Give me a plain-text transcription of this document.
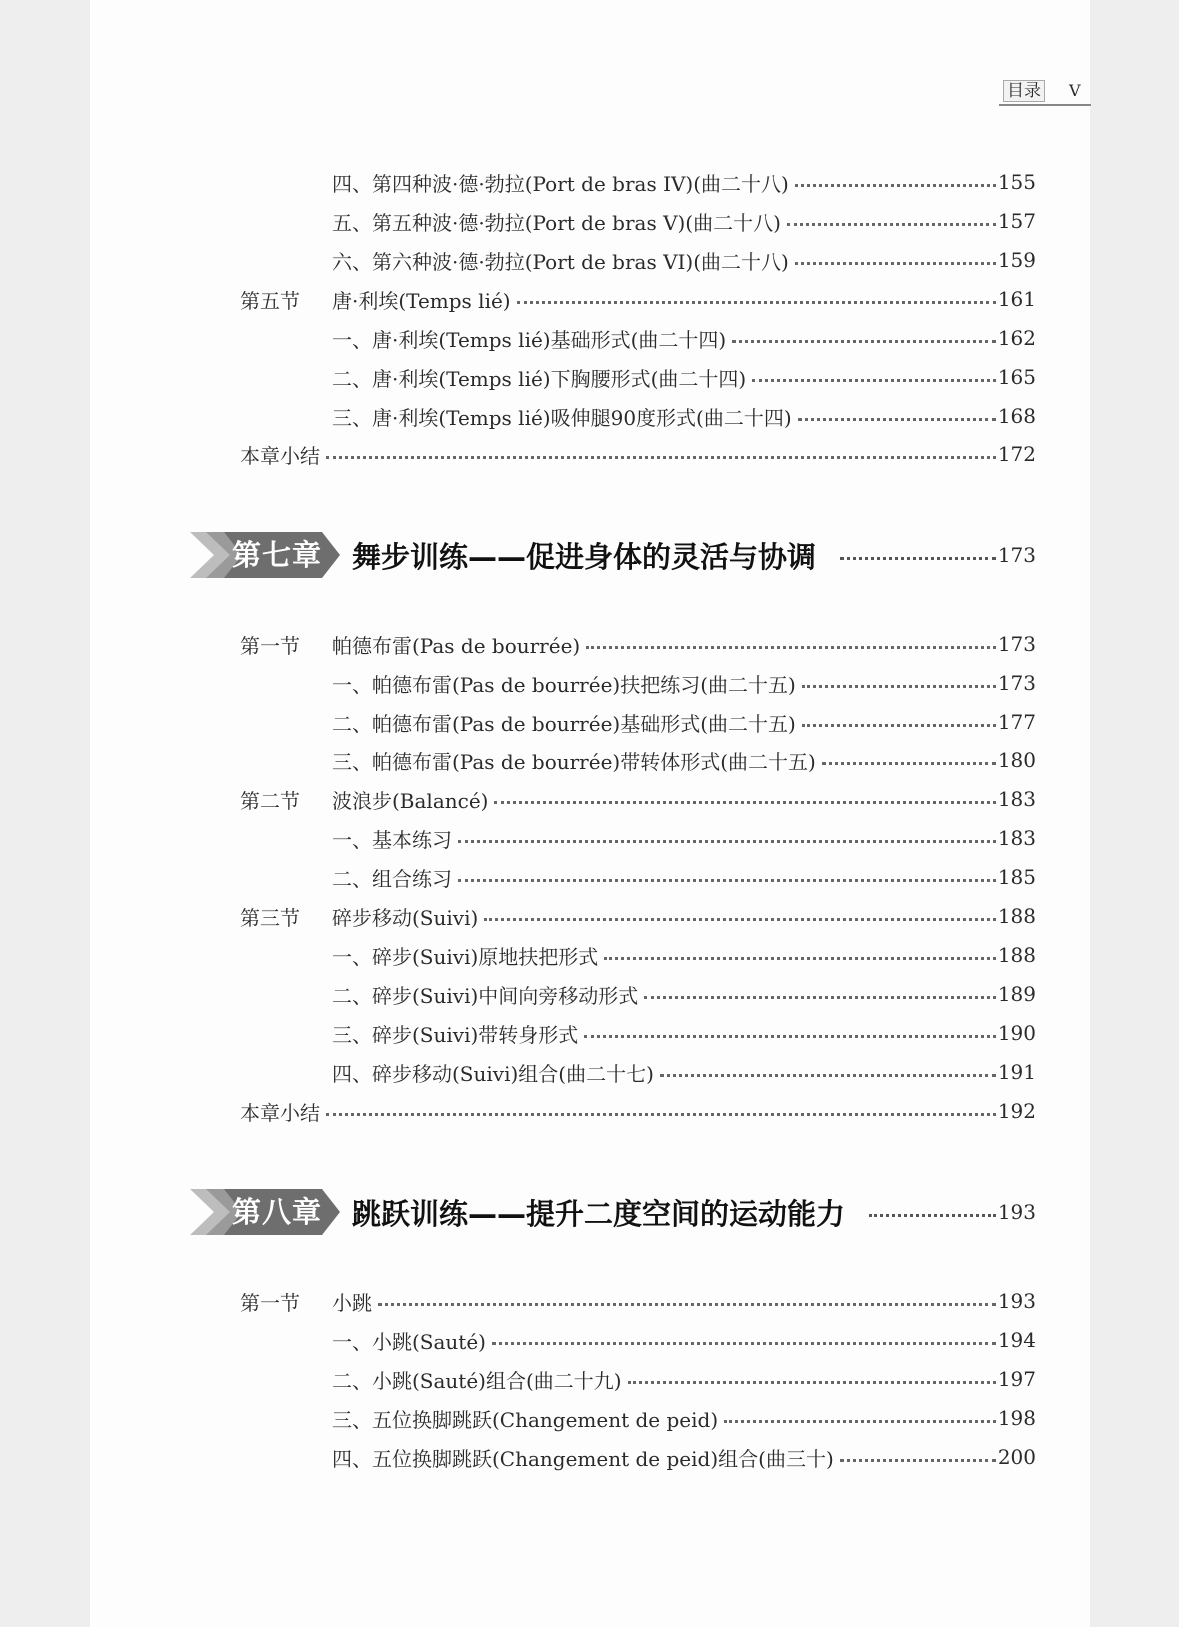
目录 V
四、第四种波·德·勃拉(Port de bras IV)(曲二十八)	155
五、第五种波·德·勃拉(Port de bras V)(曲二十八)	157
六、第六种波·德·勃拉(Port de bras VI)(曲二十八)	159
第五节	唐·利埃(Temps lié)	161
一、唐·利埃(Temps lié)基础形式(曲二十四)	162
二、唐·利埃(Temps lié)下胸腰形式(曲二十四)	165
三、唐·利埃(Temps lié)吸伸腿90度形式(曲二十四)	168
本章小结	172
第七章 舞步训练——促进身体的灵活与协调	173
第一节	帕德布雷(Pas de bourrée)	173
一、帕德布雷(Pas de bourrée)扶把练习(曲二十五)	173
二、帕德布雷(Pas de bourrée)基础形式(曲二十五)	177
三、帕德布雷(Pas de bourrée)带转体形式(曲二十五)	180
第二节	波浪步(Balancé)	183
一、基本练习	183
二、组合练习	185
第三节	碎步移动(Suivi)	188
一、碎步(Suivi)原地扶把形式	188
二、碎步(Suivi)中间向旁移动形式	189
三、碎步(Suivi)带转身形式	190
四、碎步移动(Suivi)组合(曲二十七)	191
本章小结	192
第八章 跳跃训练——提升二度空间的运动能力	193
第一节	小跳	193
一、小跳(Sauté)	194
二、小跳(Sauté)组合(曲二十九)	197
三、五位换脚跳跃(Changement de peid)	198
四、五位换脚跳跃(Changement de peid)组合(曲三十)	200
